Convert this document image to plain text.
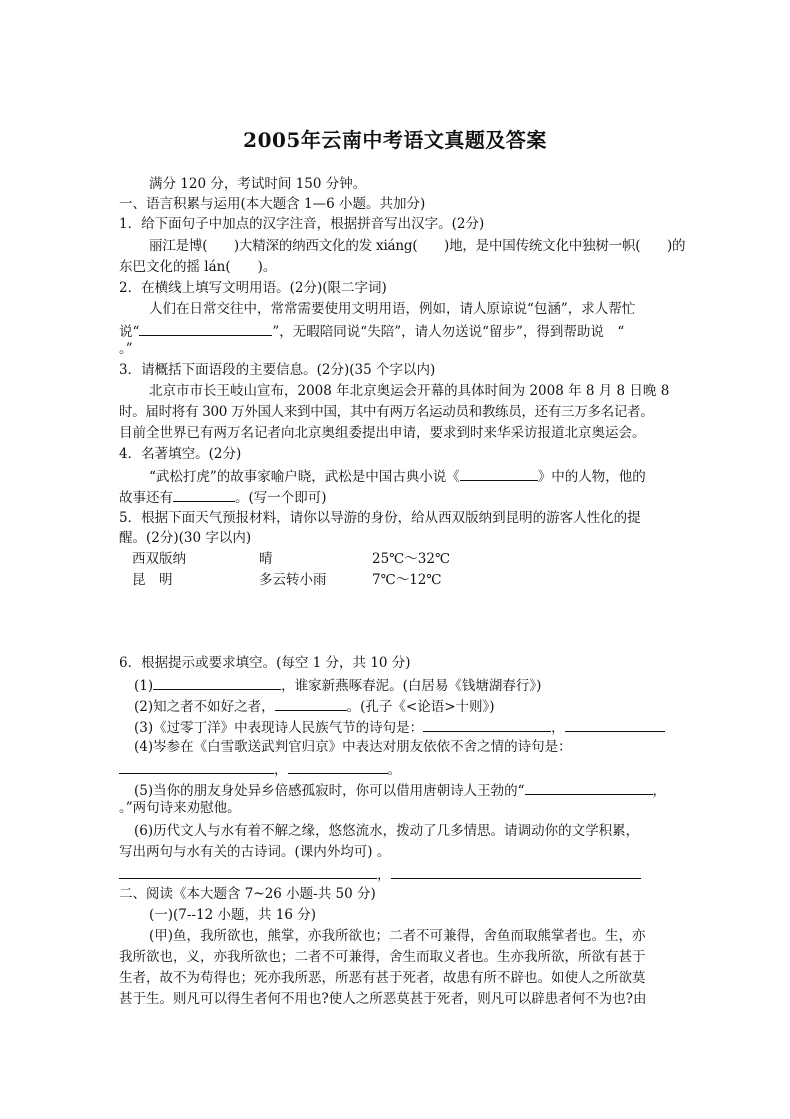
2005年云南中考语文真题及答案
满分 120 分，考试时间 150 分钟。
一、语言积累与运用(本大题含 1—6 小题。共加分)
1．给下面句子中加点的汉字注音，根据拼音写出汉字。(2分)
丽江是博(　　)大精深的纳西文化的发 xiáng(　　)地，是中国传统文化中独树一帜(　　)的
东巴文化的摇 lán(　　)。
2．在横线上填写文明用语。(2分)(限二字词)
人们在日常交往中，常常需要使用文明用语，例如，请人原谅说“包涵”，求人帮忙
说“	”，无暇陪同说“失陪”，请人勿送说“留步”，得到帮助说　“
。”
3．请概括下面语段的主要信息。(2分)(35 个字以内)
北京市市长王岐山宣布，2008 年北京奥运会开幕的具体时间为 2008 年 8 月 8 日晚 8
时。届时将有 300 万外国人来到中国，其中有两万名运动员和教练员，还有三万多名记者。
目前全世界已有两万名记者向北京奥组委提出申请，要求到时来华采访报道北京奥运会。
4．名著填空。(2分)
“武松打虎”的故事家喻户晓，武松是中国古典小说《	》中的人物，他的
故事还有	。(写一个即可)
5．根据下面天气预报材料，请你以导游的身份，给从西双版纳到昆明的游客人性化的提
醒。(2分)(30 字以内)
西双版纳	晴	25℃～32℃
昆　明	多云转小雨	7℃～12℃
6．根据提示或要求填空。(每空 1 分，共 10 分)
(1)	，谁家新燕啄春泥。(白居易《钱塘湖春行》)
(2)知之者不如好之者，	。(孔子《<论语>十则》)
(3)《过零丁洋》中表现诗人民族气节的诗句是：	，
(4)岑参在《白雪歌送武判官归京》中表达对朋友依依不舍之情的诗句是：
，	。
(5)当你的朋友身处异乡倍感孤寂时，你可以借用唐朝诗人王勃的“	，
。”两句诗来劝慰他。
(6)历代文人与水有着不解之缘，悠悠流水，拨动了几多情思。请调动你的文学积累，
写出两句与水有关的古诗词。(课内外均可) 。
，
二、阅读《本大题含 7~26 小题-共 50 分)
(一)(7--12 小题，共 16 分)
(甲)鱼，我所欲也，熊掌，亦我所欲也；二者不可兼得，舍鱼而取熊掌者也。生，亦
我所欲也，义，亦我所欲也；二者不可兼得，舍生而取义者也。生亦我所欲，所欲有甚于
生者，故不为苟得也；死亦我所恶，所恶有甚于死者，故患有所不辟也。如使人之所欲莫
甚于生。则凡可以得生者何不用也?使人之所恶莫甚于死者，则凡可以辟患者何不为也?由
